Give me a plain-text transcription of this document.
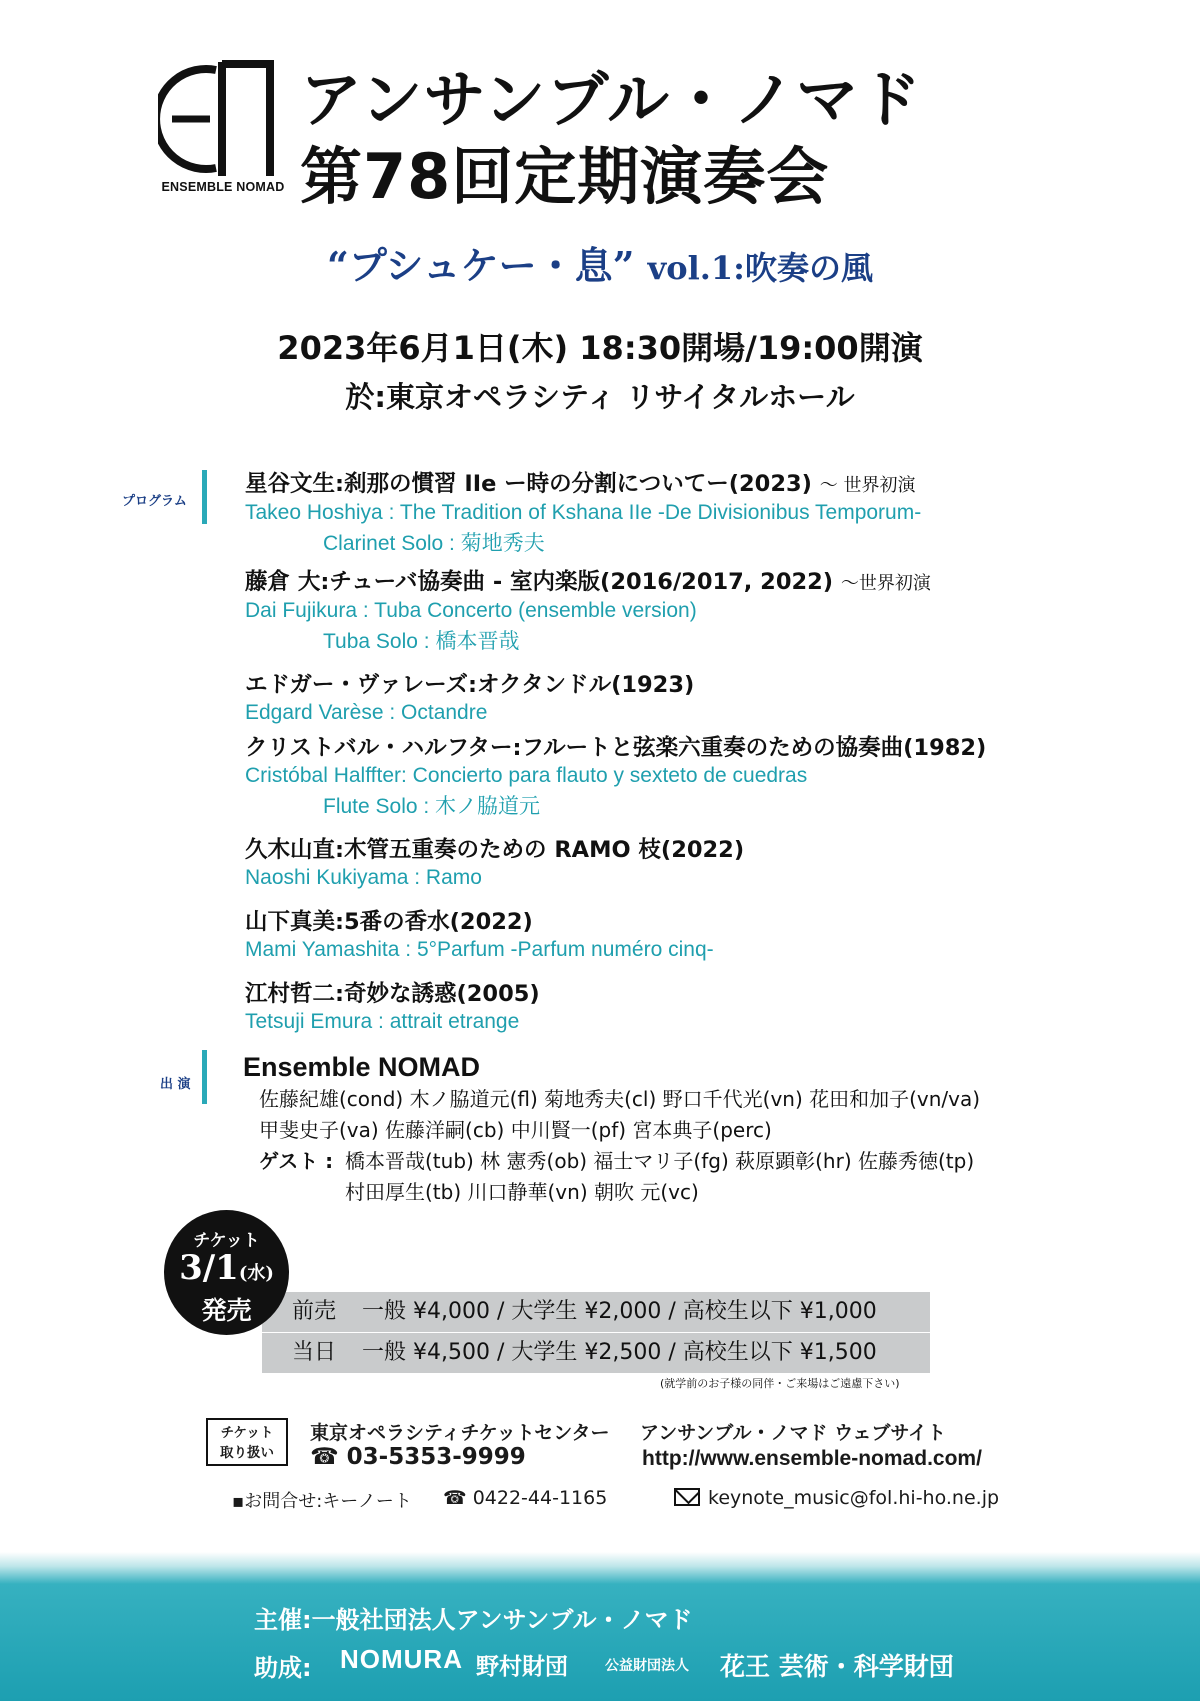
ENSEMBLE NOMAD
アンサンブル・ノマド
第78回定期演奏会
“プシュケー・息” vol.1:吹奏の風
2023年6月1日(木) 18:30開場/19:00開演
於:東京オペラシティ リサイタルホール
プログラム
星谷文生:刹那の慣習 IIe ー時の分割についてー(2023) 〜 世界初演
Takeo Hoshiya : The Tradition of Kshana IIe -De Divisionibus Temporum-
Clarinet Solo : 菊地秀夫
藤倉 大:チューバ協奏曲 - 室内楽版(2016/2017, 2022) 〜世界初演
Dai Fujikura : Tuba Concerto (ensemble version)
Tuba Solo : 橋本晋哉
エドガー・ヴァレーズ:オクタンドル(1923)
Edgard Varèse : Octandre
クリストバル・ハルフター:フルートと弦楽六重奏のための協奏曲(1982)
Cristóbal Halffter: Concierto para flauto y sexteto de cuedras
Flute Solo : 木ノ脇道元
久木山直:木管五重奏のための RAMO 枝(2022)
Naoshi Kukiyama : Ramo
山下真美:5番の香水(2022)
Mami Yamashita : 5°Parfum -Parfum numéro cinq-
江村哲二:奇妙な誘惑(2005)
Tetsuji Emura : attrait etrange
出 演
Ensemble NOMAD
佐藤紀雄(cond) 木ノ脇道元(fl) 菊地秀夫(cl) 野口千代光(vn) 花田和加子(vn/va)
甲斐史子(va) 佐藤洋嗣(cb) 中川賢一(pf) 宮本典子(perc)
ゲスト : 橋本晋哉(tub) 林 憲秀(ob) 福士マリ子(fg) 萩原顕彰(hr) 佐藤秀徳(tp)
村田厚生(tb) 川口静華(vn) 朝吹 元(vc)
前売 一般 ¥4,000 / 大学生 ¥2,000 / 高校生以下 ¥1,000
当日 一般 ¥4,500 / 大学生 ¥2,500 / 高校生以下 ¥1,500
チケット
3/1(水)
発売
(就学前のお子様の同伴・ご来場はご遠慮下さい)
チケット
取り扱い
東京オペラシティチケットセンター
☎ 03-5353-9999
アンサンブル・ノマド ウェブサイト
http://www.ensemble-nomad.com/
▪お問合せ:キーノート ☎ 0422-44-1165	keynote_music@fol.hi-ho.ne.jp
主催:一般社団法人アンサンブル・ノマド
助成: NOMURA 野村財団	公益財団法人 花王 芸術・科学財団
